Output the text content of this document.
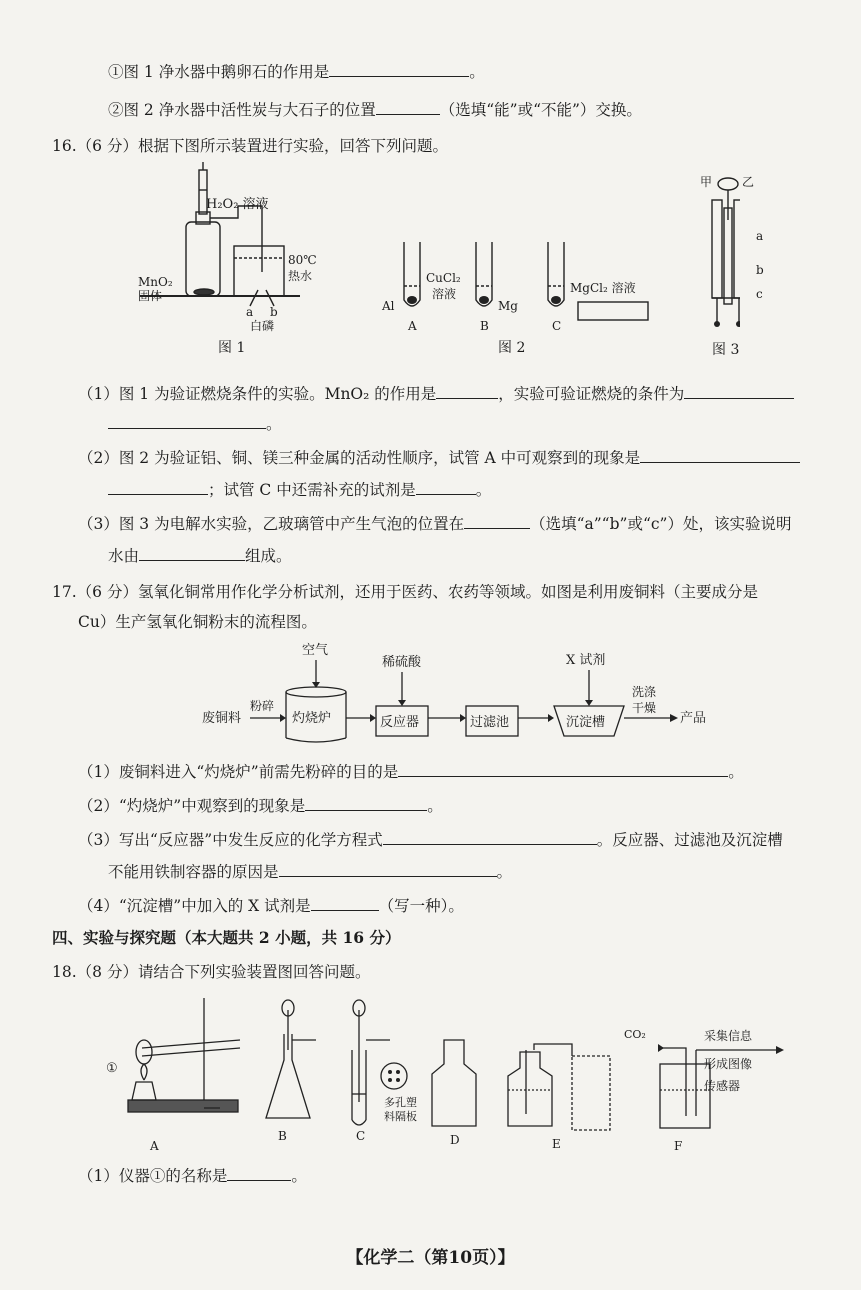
①图 1 净水器中鹅卵石的作用是	。
②图 2 净水器中活性炭与大石子的位置	（选填“能”或“不能”）交换。
16.（6 分）根据下图所示装置进行实验，回答下列问题。
H₂O₂ 溶液
MnO₂
固体
80℃
热水
a b
白磷
图 1
CuCl₂
溶液
Al	Mg
MgCl₂ 溶液
A	B	C
图 2
甲 乙
a
b
c
图 3
（1）图 1 为验证燃烧条件的实验。MnO₂ 的作用是	，实验可验证燃烧的条件为
。
（2）图 2 为验证铝、铜、镁三种金属的活动性顺序，试管 A 中可观察到的现象是
；试管 C 中还需补充的试剂是	。
（3）图 3 为电解水实验，乙玻璃管中产生气泡的位置在	（选填“a”“b”或“c”）处，该实验说明
水由	组成。
17.（6 分）氢氧化铜常用作化学分析试剂，还用于医药、农药等领域。如图是利用废铜料（主要成分是
Cu）生产氢氧化铜粉末的流程图。
空气
稀硫酸	X 试剂
废铜料
粉碎
灼烧炉	反应器	过滤池	沉淀槽
洗涤
干燥
产品
（1）废铜料进入“灼烧炉”前需先粉碎的目的是	。
（2）“灼烧炉”中观察到的现象是	。
（3）写出“反应器”中发生反应的化学方程式	。反应器、过滤池及沉淀槽
不能用铁制容器的原因是	。
（4）“沉淀槽”中加入的 X 试剂是	（写一种）。
四、实验与探究题（本大题共 2 小题，共 16 分）
18.（8 分）请结合下列实验装置图回答问题。
①
A
B	C	D	E	F
多孔塑
料隔板
CO₂	采集信息
形成图像
传感器
（1）仪器①的名称是	。
【化学二（第10页）】
